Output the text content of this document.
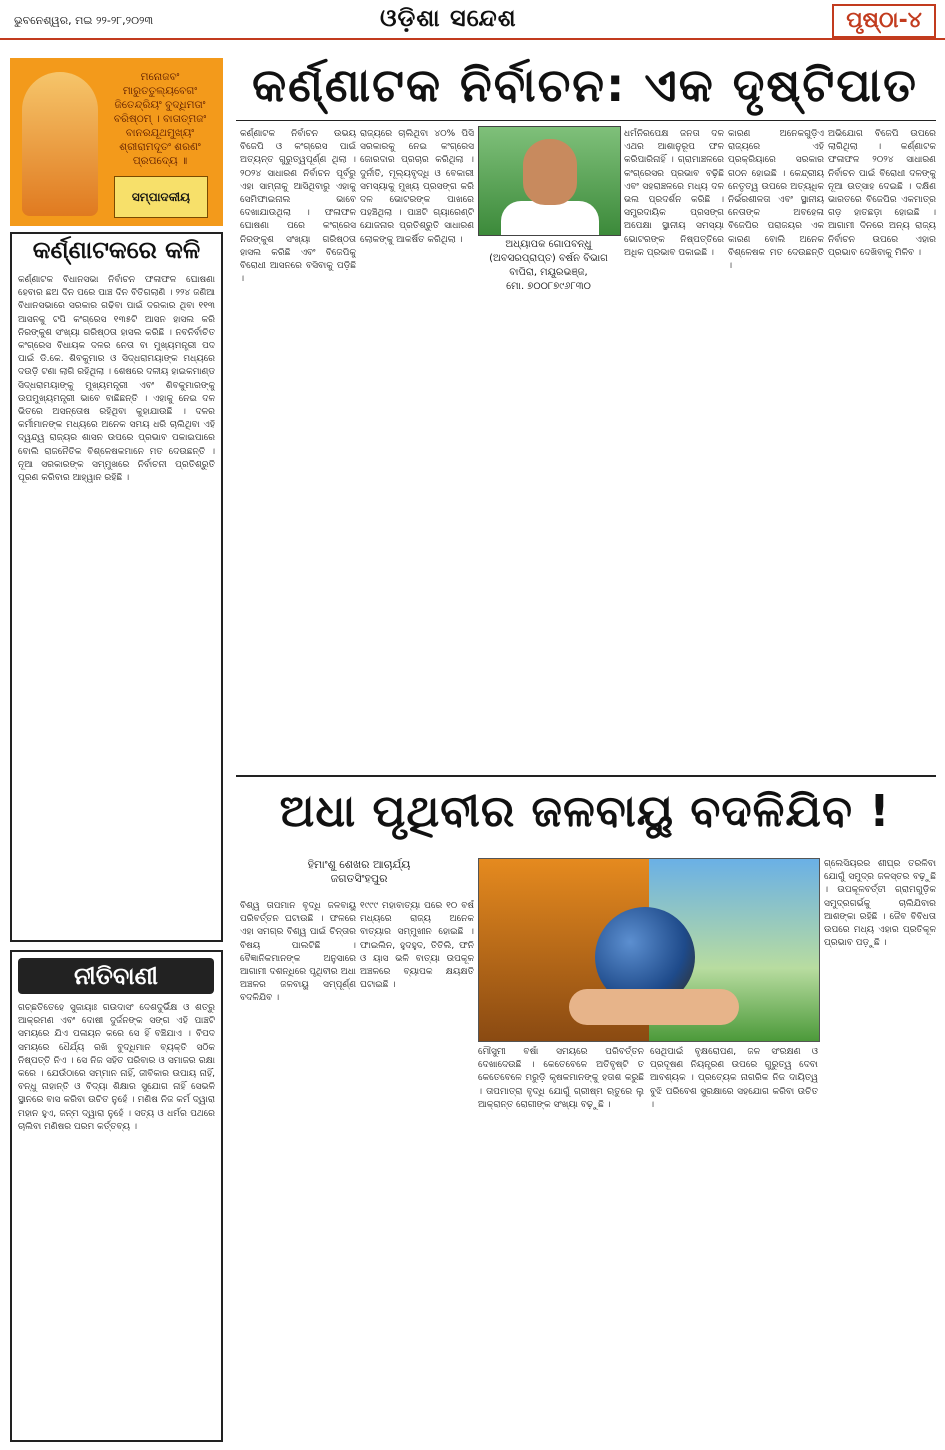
ଭୁବନେଶ୍ୱର, ମଇ ୨୨-୨୮,୨୦୨୩	ଓଡ଼ିଶା ସନ୍ଦେଶ	ପୃଷ୍ଠା-୪
ମନୋଜବଂ ମାରୁତତୁଲ୍ୟବେଗଂ ଜିତେନ୍ଦ୍ରିୟଂ ବୁଦ୍ଧିମତାଂ ବରିଷ୍ଠମ୍ । ବାତାତ୍ମଜଂ ବାନରଯୂଥମୁଖ୍ୟଂ ଶ୍ରୀରାମଦୂତଂ ଶରଣଂ ପ୍ରପଦ୍ୟେ ॥
ସମ୍ପାଦକୀୟ
କର୍ଣ୍ଣାଟକରେ କଳି
କର୍ଣ୍ଣାଟକ ବିଧାନସଭା ନିର୍ବାଚନ ଫଳାଫଳ ଘୋଷଣା ହେବାର ଛଅ ଦିନ ପରେ ପାଞ୍ଚ ଦିନ ବିତିଗଲାଣି । ୨୨୪ ଜଣିଆ ବିଧାନସଭାରେ ସରକାର ଗଢିବା ପାଇଁ ଦରକାର ଥିବା ୧୧୩ ଆସନକୁ ଟପି କଂଗ୍ରେସ ୧୩୫ଟି ଆସନ ହାସଲ କରି ନିରଙ୍କୁଶ ସଂଖ୍ୟା ଗରିଷ୍ଠତା ହାସଲ କରିଛି । ନବନିର୍ବାଚିତ କଂଗ୍ରେସ ବିଧାୟକ ଦଳର ନେତା ବା ମୁଖ୍ୟମନ୍ତ୍ରୀ ପଦ ପାଇଁ ଡି.କେ. ଶିବକୁମାର ଓ ସିଦ୍ଧରାମୟାଙ୍କ ମଧ୍ୟରେ ଦଉଡ଼ି ଟଣା ଲାଗି ରହିଥିଲା । ଶେଷରେ ଦଳୀୟ ହାଇକମାଣ୍ଡ ସିଦ୍ଧରାମୟାଙ୍କୁ ମୁଖ୍ୟମନ୍ତ୍ରୀ ଏବଂ ଶିବକୁମାରଙ୍କୁ ଉପମୁଖ୍ୟମନ୍ତ୍ରୀ ଭାବେ ବାଛିଛନ୍ତି । ଏହାକୁ ନେଇ ଦଳ ଭିତରେ ଅସନ୍ତୋଷ ରହିଥିବା କୁହାଯାଉଛି । ଦଳର କର୍ମୀମାନଙ୍କ ମଧ୍ୟରେ ଅନେକ ସମୟ ଧରି ଚାଲିଥିବା ଏହି ଦ୍ୱନ୍ଦ୍ୱ ରାଜ୍ୟର ଶାସନ ଉପରେ ପ୍ରଭାବ ପକାଇପାରେ ବୋଲି ରାଜନୈତିକ ବିଶ୍ଳେଷକମାନେ ମତ ଦେଉଛନ୍ତି । ନୂଆ ସରକାରଙ୍କ ସମ୍ମୁଖରେ ନିର୍ବାଚନୀ ପ୍ରତିଶ୍ରୁତି ପୂରଣ କରିବାର ଆହ୍ୱାନ ରହିଛି ।
ନୀତିବାଣୀ
ଗଚ୍ଛତିତେହେ ସୁଜାୟାଃ ଗଉଦାସଂ ଦେଶଦୁର୍ଭିକ୍ଷ ଓ ଶତ୍ରୁ ଆକ୍ରମଣ ଏବଂ ଦୋଷୀ ଦୁର୍ଜନଙ୍କ ସଙ୍ଗ ଏହି ପାଞ୍ଚଟି ସମୟରେ ଯିଏ ପଳାୟନ କରେ ସେ ହିଁ ବଞ୍ଚିଯାଏ । ବିପଦ ସମୟରେ ଧୈର୍ଯ୍ୟ ରଖି ବୁଦ୍ଧିମାନ ବ୍ୟକ୍ତି ସଠିକ ନିଷ୍ପତ୍ତି ନିଏ । ସେ ନିଜ ସହିତ ପରିବାର ଓ ସମାଜର ରକ୍ଷା କରେ । ଯେଉଁଠାରେ ସମ୍ମାନ ନାହିଁ, ଜୀବିକାର ଉପାୟ ନାହିଁ, ବନ୍ଧୁ ନାହାନ୍ତି ଓ ବିଦ୍ୟା ଶିକ୍ଷାର ସୁଯୋଗ ନାହିଁ ସେଭଳି ସ୍ଥାନରେ ବାସ କରିବା ଉଚିତ ନୁହେଁ । ମଣିଷ ନିଜ କର୍ମ ଦ୍ୱାରା ମହାନ ହୁଏ, ଜନ୍ମ ଦ୍ୱାରା ନୁହେଁ । ସତ୍ୟ ଓ ଧର୍ମର ପଥରେ ଚାଲିବା ମଣିଷର ପରମ କର୍ତ୍ତବ୍ୟ ।
କର୍ଣ୍ଣାଟକ ନିର୍ବାଚନ: ଏକ ଦୃଷ୍ଟିପାତ
କର୍ଣ୍ଣାଟକ ନିର୍ବାଚନ ଉଭୟ ବିଜେପି ଓ କଂଗ୍ରେସ ପାଇଁ ଅତ୍ୟନ୍ତ ଗୁରୁତ୍ୱପୂର୍ଣ୍ଣ ଥିଲା । ୨୦୨୪ ସାଧାରଣ ନିର୍ବାଚନ ପୂର୍ବରୁ ଏହା ସାମ୍ନାକୁ ଆସିଥିବାରୁ ଏହାକୁ ସେମିଫାଇନାଲ ଭାବେ ଦେଖାଯାଉଥିଲା । ଫଳାଫଳ ଘୋଷଣା ପରେ କଂଗ୍ରେସ ନିରଙ୍କୁଶ ସଂଖ୍ୟା ଗରିଷ୍ଠତା ହାସଲ କରିଛି ଏବଂ ବିଜେପିକୁ ବିରୋଧୀ ଆସନରେ ବସିବାକୁ ପଡ଼ିଛି ।
ରାଜ୍ୟରେ ଚାଲିଥିବା ୪୦% ପିସି ସରକାରକୁ ନେଇ କଂଗ୍ରେସ ଜୋରଦାର ପ୍ରଚାର କରିଥିଲା । ଦୁର୍ନୀତି, ମୂଲ୍ୟବୃଦ୍ଧି ଓ ବେକାରୀ ସମସ୍ୟାକୁ ମୁଖ୍ୟ ପ୍ରସଙ୍ଗ କରି ଦଳ ଭୋଟରଙ୍କ ପାଖରେ ପହଞ୍ଚିଥିଲା । ପାଞ୍ଚଟି ଗ୍ୟାରେଣ୍ଟି ଯୋଜନାର ପ୍ରତିଶ୍ରୁତି ସାଧାରଣ ଲୋକଙ୍କୁ ଆକର୍ଷିତ କରିଥିଲା ।	ଅଧ୍ୟାପକ ଗୋପବନ୍ଧୁ
(ଅବସରପ୍ରାପ୍ତ) ବର୍ଷନ ବିଭାଗ
ବାପିରା, ମୟୂରଭଞ୍ଜ,
ମୋ. ୭୦୦୮୭୯୬୮୩୦
ଧର୍ମନିରପେକ୍ଷ ଜନତା ଦଳ ଏଥର ଆଶାନୁରୂପ ଫଳ କରିପାରିନାହିଁ । ଗ୍ରାମାଞ୍ଚଳରେ କଂଗ୍ରେସର ପ୍ରଭାବ ବଢ଼ିଛି ଏବଂ ସହରାଞ୍ଚଳରେ ମଧ୍ୟ ଦଳ ଭଲ ପ୍ରଦର୍ଶନ କରିଛି । ସମ୍ପ୍ରଦାୟିକ ପ୍ରସଙ୍ଗ ଅପେକ୍ଷା ସ୍ଥାନୀୟ ସମସ୍ୟା ଭୋଟରଙ୍କ ନିଷ୍ପତ୍ତିରେ ଅଧିକ ପ୍ରଭାବ ପକାଇଛି ।
କାରଣ ଅନେକଗୁଡ଼ିଏ ରାଜ୍ୟରେ ଏହି ପ୍ରକ୍ରିୟାରେ ସରକାର ଗଠନ ହୋଇଛି । କେନ୍ଦ୍ରୀୟ ନେତୃତ୍ୱ ଉପରେ ଅତ୍ୟଧିକ ନିର୍ଭରଶୀଳତା ଏବଂ ସ୍ଥାନୀୟ ନେତାଙ୍କ ଅବହେଳା ବିଜେପିର ପରାଜୟର ଏକ କାରଣ ବୋଲି ଅନେକ ବିଶ୍ଳେଷକ ମତ ଦେଉଛନ୍ତି ।
ଅଭିଯୋଗ ବିଜେପି ଉପରେ ଲାଗିଥିଲା । କର୍ଣ୍ଣାଟକ ଫଳାଫଳ ୨୦୨୪ ସାଧାରଣ ନିର୍ବାଚନ ପାଇଁ ବିରୋଧୀ ଦଳଙ୍କୁ ନୂଆ ଉତ୍ସାହ ଦେଇଛି । ଦକ୍ଷିଣ ଭାରତରେ ବିଜେପିର ଏକମାତ୍ର ଗଡ଼ ହାତଛଡ଼ା ହୋଇଛି । ଆଗାମୀ ଦିନରେ ଅନ୍ୟ ରାଜ୍ୟ ନିର୍ବାଚନ ଉପରେ ଏହାର ପ୍ରଭାବ ଦେଖିବାକୁ ମିଳିବ ।
ଅଧା ପୃଥିବୀର ଜଳବାୟୁ ବଦଳିଯିବ !
ହିମାଂଶୁ ଶେଖର ଆଚାର୍ଯ୍ୟ
ଜଗତସିଂହପୁର
ବିଶ୍ୱ ତାପମାନ ବୃଦ୍ଧି ଜଳବାୟୁ ପରିବର୍ତ୍ତନ ଘଟାଉଛି । ଫଳରେ ଏହା ସମଗ୍ର ବିଶ୍ୱ ପାଇଁ ଚିନ୍ତାର ବିଷୟ ପାଲଟିଛି । ବୈଜ୍ଞାନିକମାନଙ୍କ ଅନୁସାରେ ଆଗାମୀ ଦଶନ୍ଧିରେ ପୃଥିବୀର ଅଧା ଅଞ୍ଚଳର ଜଳବାୟୁ ସମ୍ପୂର୍ଣ୍ଣ ବଦଳିଯିବ ।
୧୯୯୯ ମହାବାତ୍ୟା ପରେ ୧୦ ବର୍ଷ ମଧ୍ୟରେ ରାଜ୍ୟ ଅନେକ ବାତ୍ୟାର ସମ୍ମୁଖୀନ ହୋଇଛି । ଫାଇଲିନ, ହୁଦହୁଦ, ତିତିଲି, ଫନି ଓ ୟାସ ଭଳି ବାତ୍ୟା ଉପକୂଳ ଅଞ୍ଚଳରେ ବ୍ୟାପକ କ୍ଷୟକ୍ଷତି ଘଟାଇଛି ।
ମୌସୁମୀ ବର୍ଷା ସମୟରେ ପରିବର୍ତ୍ତନ ଦେଖାଦେଉଛି । କେତେବେଳେ ଅତିବୃଷ୍ଟି ତ କେତେବେଳେ ମରୁଡ଼ି କୃଷକମାନଙ୍କୁ ହତାଶ କରୁଛି । ତାପମାତ୍ରା ବୃଦ୍ଧି ଯୋଗୁଁ ଗ୍ରୀଷ୍ମ ଋତୁରେ ଲୁ ଆକ୍ରାନ୍ତ ରୋଗୀଙ୍କ ସଂଖ୍ୟା ବଢ଼ୁଛି ।
ସେଥିପାଇଁ ବୃକ୍ଷରୋପଣ, ଜଳ ସଂରକ୍ଷଣ ଓ ପ୍ରଦୂଷଣ ନିୟନ୍ତ୍ରଣ ଉପରେ ଗୁରୁତ୍ୱ ଦେବା ଆବଶ୍ୟକ । ପ୍ରତ୍ୟେକ ନାଗରିକ ନିଜ ଦାୟିତ୍ୱ ବୁଝି ପରିବେଶ ସୁରକ୍ଷାରେ ସହଯୋଗ କରିବା ଉଚିତ ।
ଗ୍ଲେସିୟରର ଶୀଘ୍ର ତରଳିବା ଯୋଗୁଁ ସମୁଦ୍ର ଜଳସ୍ତର ବଢ଼ୁଛି । ଉପକୂଳବର୍ତ୍ତୀ ଗ୍ରାମଗୁଡ଼ିକ ସମୁଦ୍ରଗର୍ଭକୁ ଚାଲିଯିବାର ଆଶଙ୍କା ରହିଛି । ଜୈବ ବିବିଧତା ଉପରେ ମଧ୍ୟ ଏହାର ପ୍ରତିକୂଳ ପ୍ରଭାବ ପଡ଼ୁଛି ।
